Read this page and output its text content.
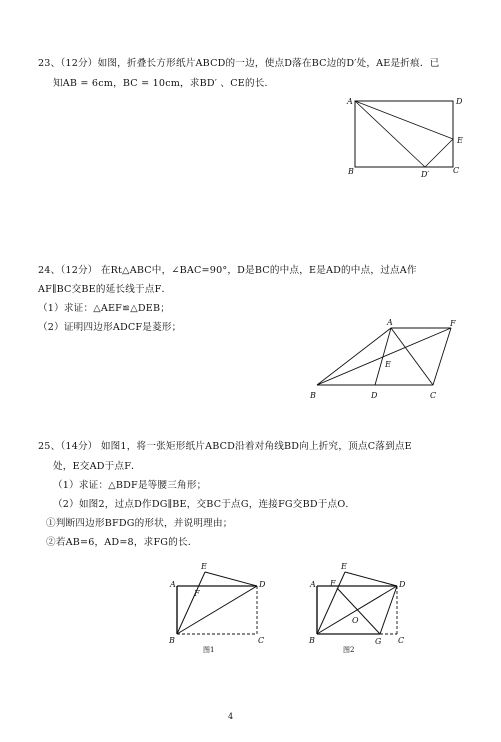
23、（12分）如图，折叠长方形纸片ABCD的一边，使点D落在BC边的D′处，AE是折痕．已
知AB = 6cm，BC = 10cm，求BD′ 、CE的长．
A	D
E
B	D′	C
24、（12分） 在Rt△ABC中，∠BAC=90°，D是BC的中点，E是AD的中点，过点A作
AF∥BC交BE的延长线于点F．
（1）求证：△AEF≌△DEB；
（2）证明四边形ADCF是菱形；	A	F
E
B	D	C
25、（14分） 如图1，将一张矩形纸片ABCD沿着对角线BD向上折究，顶点C落到点E
处，E交AD于点F．
（1）求证：△BDF是等腰三角形；
（2）如图2，过点D作DG∥BE，交BC于点G，连接FG交BD于点O．
①判断四边形BFDG的形状，并说明理由；
②若AB=6，AD=8，求FG的长．
A
E
F
D
B	C
图1
A
E
F	D
O
B	G C
图2
4
